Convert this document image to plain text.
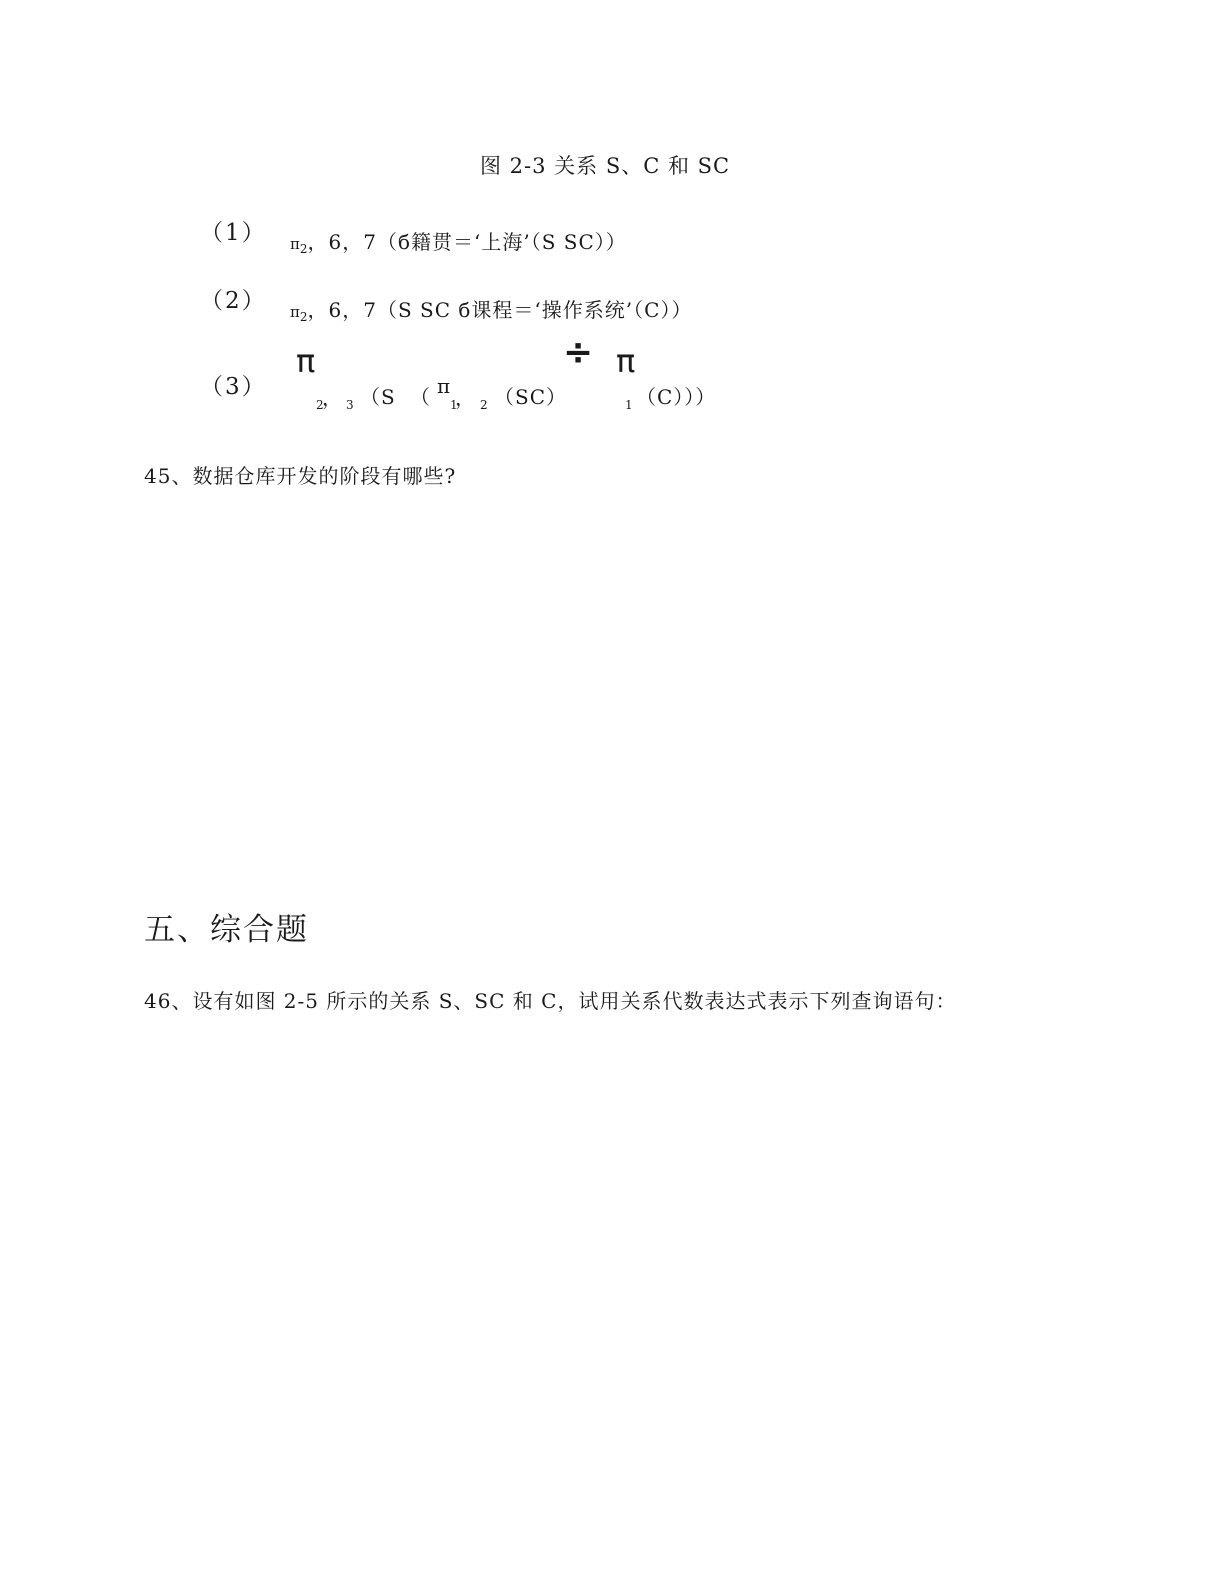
图 2-3 关系 S、C 和 SC
（1） $\pi_2$，6，7（б籍贯＝‘上海’（S SC））
（2） $\pi_2$，6，7（S SC б课程＝‘操作系统’（C））
（3）
π
2
， 3 （S （ π
1
， 2 （SC）
÷ π
1 （C）））
45、数据仓库开发的阶段有哪些?
五、综合题
46、设有如图 2-5 所示的关系 S、SC 和 C，试用关系代数表达式表示下列查询语句：
